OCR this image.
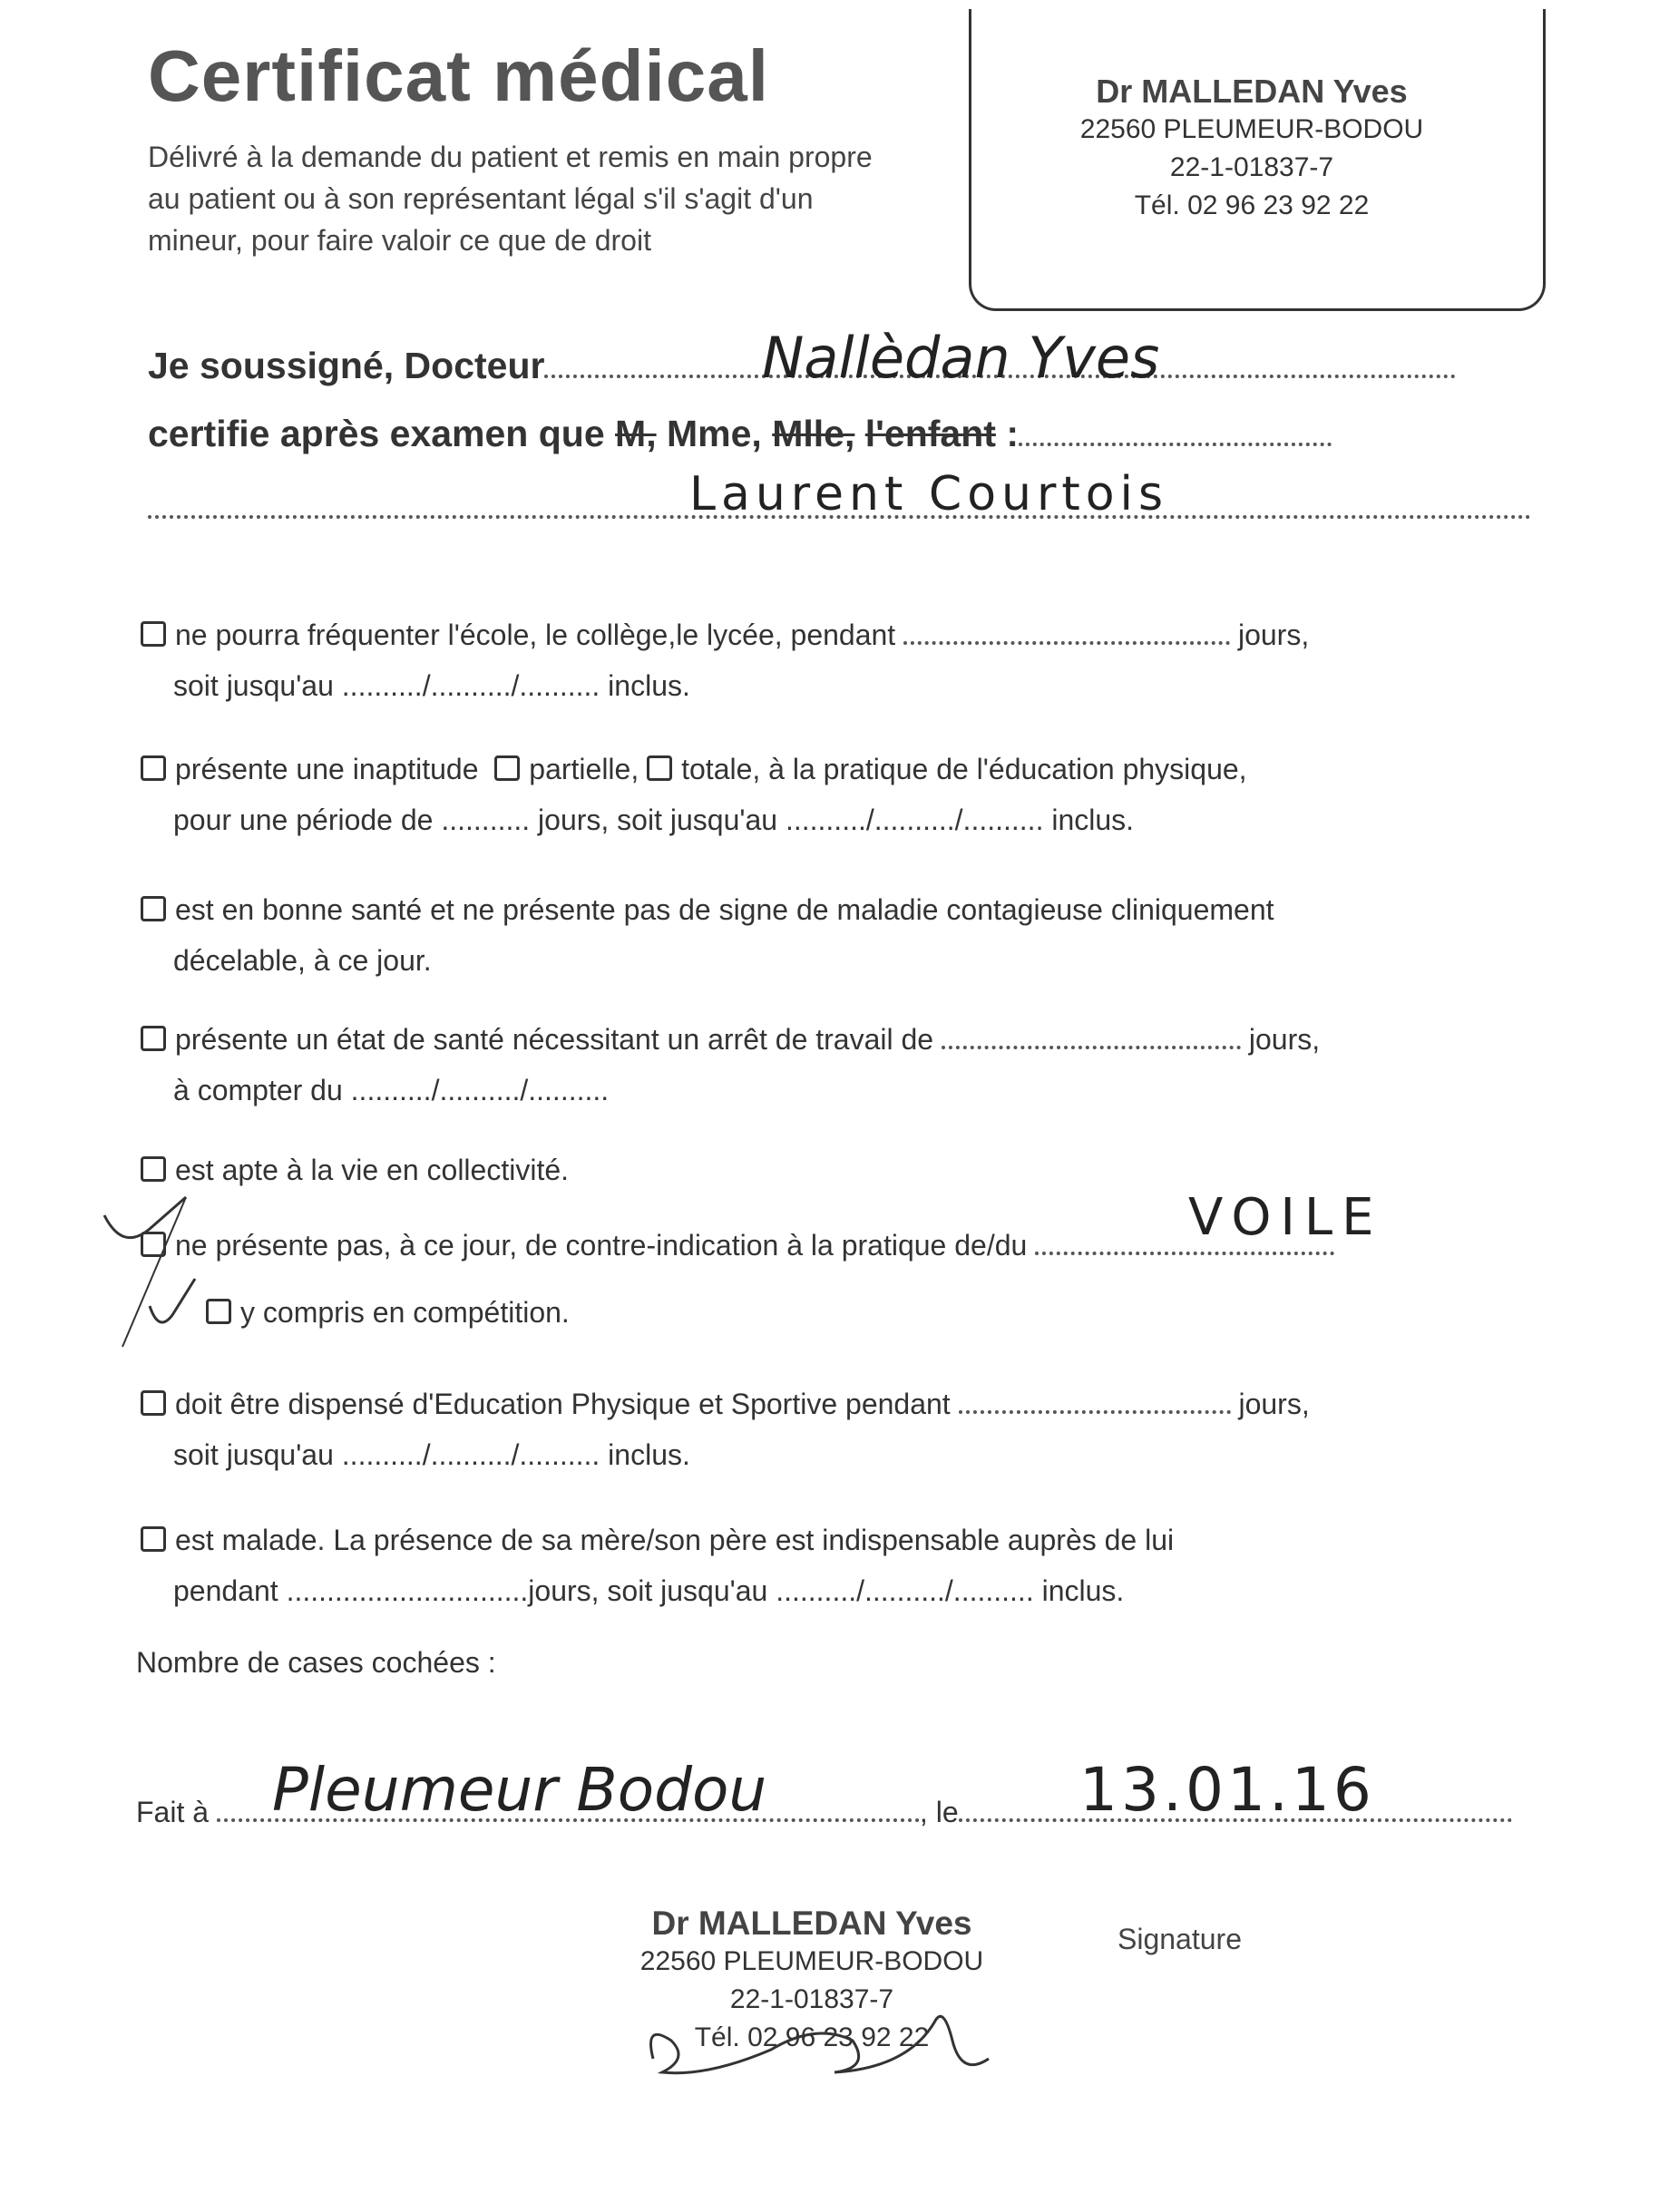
Certificat médical
Délivré à la demande du patient et remis en main propre au patient ou à son représentant légal s'il s'agit d'un mineur, pour faire valoir ce que de droit
Dr MALLEDAN Yves
22560 PLEUMEUR-BODOU
22-1-01837-7
Tél. 02 96 23 92 22
Je soussigné, Docteur	Nallèdan Yves
certifie après examen que M, Mme, Mlle, l'enfant :
Laurent Courtois
ne pourra fréquenter l'école, le collège,le lycée, pendant	jours,
soit jusqu'au ........../........../.......... inclus.
présente une inaptitude partielle, totale, à la pratique de l'éducation physique,
pour une période de ........... jours, soit jusqu'au ........../........../.......... inclus.
est en bonne santé et ne présente pas de signe de maladie contagieuse cliniquement
décelable, à ce jour.
présente un état de santé nécessitant un arrêt de travail de	jours,
à compter du ........../........../..........
est apte à la vie en collectivité.
ne présente pas, à ce jour, de contre-indication à la pratique de/du
y compris en compétition.
VOILE
doit être dispensé d'Education Physique et Sportive pendant	jours,
soit jusqu'au ........../........../.......... inclus.
est malade. La présence de sa mère/son père est indispensable auprès de lui
pendant ..............................jours, soit jusqu'au ........../........../.......... inclus.
Nombre de cases cochées :
Fait à	, le
Pleumeur Bodou	13.01.16
Dr MALLEDAN Yves
22560 PLEUMEUR-BODOU
22-1-01837-7
Tél. 02 96 23 92 22
Signature
